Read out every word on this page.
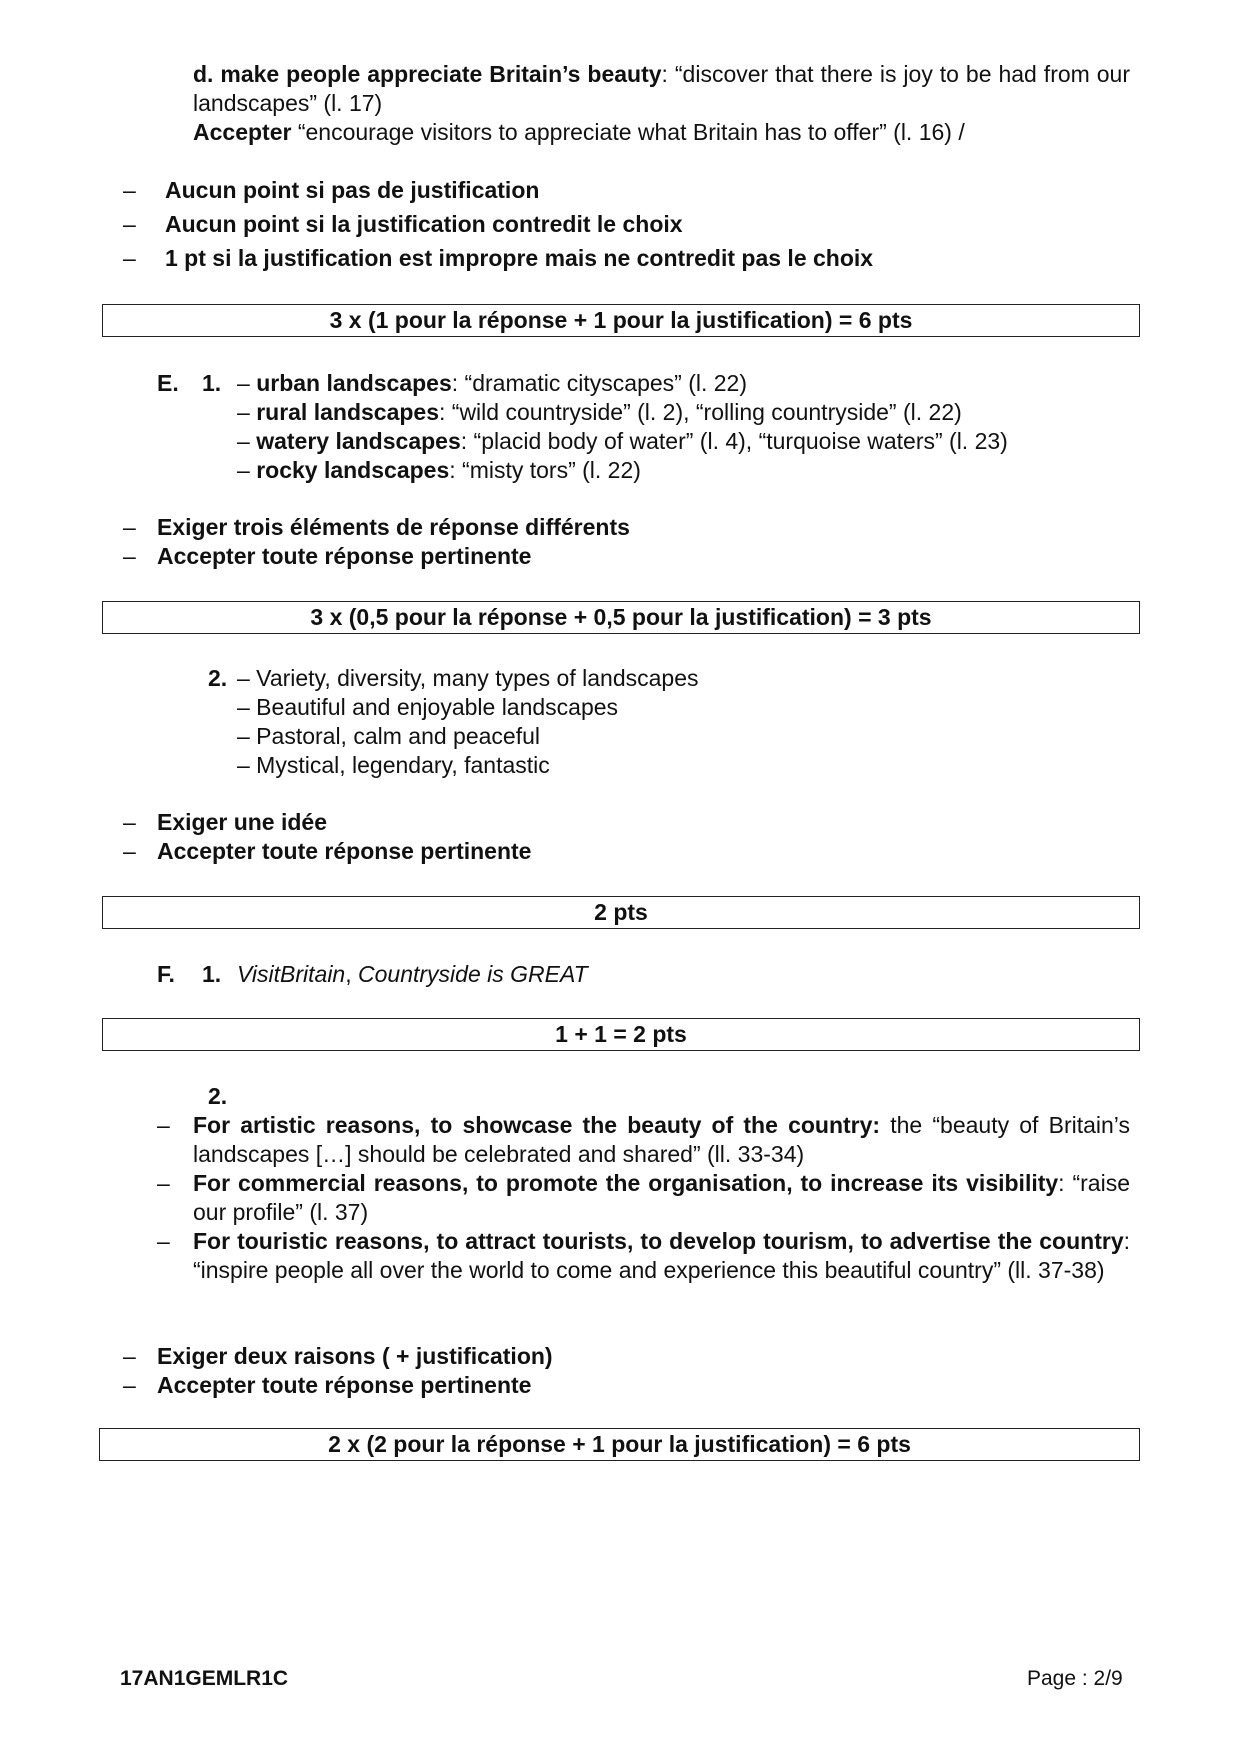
d. make people appreciate Britain’s beauty: “discover that there is joy to be had from our landscapes” (l. 17)
Accepter “encourage visitors to appreciate what Britain has to offer” (l. 16) /
– Aucun point si pas de justification
– Aucun point si la justification contredit le choix
– 1 pt si la justification est impropre mais ne contredit pas le choix
3 x (1 pour la réponse + 1 pour la justification) = 6 pts
E. 1. – urban landscapes: “dramatic cityscapes” (l. 22)
– rural landscapes: “wild countryside” (l. 2), “rolling countryside” (l. 22)
– watery landscapes: “placid body of water” (l. 4), “turquoise waters” (l. 23)
– rocky landscapes: “misty tors” (l. 22)
– Exiger trois éléments de réponse différents
– Accepter toute réponse pertinente
3 x (0,5 pour la réponse + 0,5 pour la justification) = 3 pts
2. – Variety, diversity, many types of landscapes
– Beautiful and enjoyable landscapes
– Pastoral, calm and peaceful
– Mystical, legendary, fantastic
– Exiger une idée
– Accepter toute réponse pertinente
2 pts
F. 1. VisitBritain, Countryside is GREAT
1 + 1 = 2 pts
2.
– For artistic reasons, to showcase the beauty of the country: the “beauty of Britain’s landscapes […] should be celebrated and shared” (ll. 33-34)
– For commercial reasons, to promote the organisation, to increase its visibility: “raise our profile” (l. 37)
– For touristic reasons, to attract tourists, to develop tourism, to advertise the country: “inspire people all over the world to come and experience this beautiful country” (ll. 37-38)
– Exiger deux raisons ( + justification)
– Accepter toute réponse pertinente
2 x (2 pour la réponse + 1 pour la justification) = 6 pts
17AN1GEMLR1C	Page : 2/9
